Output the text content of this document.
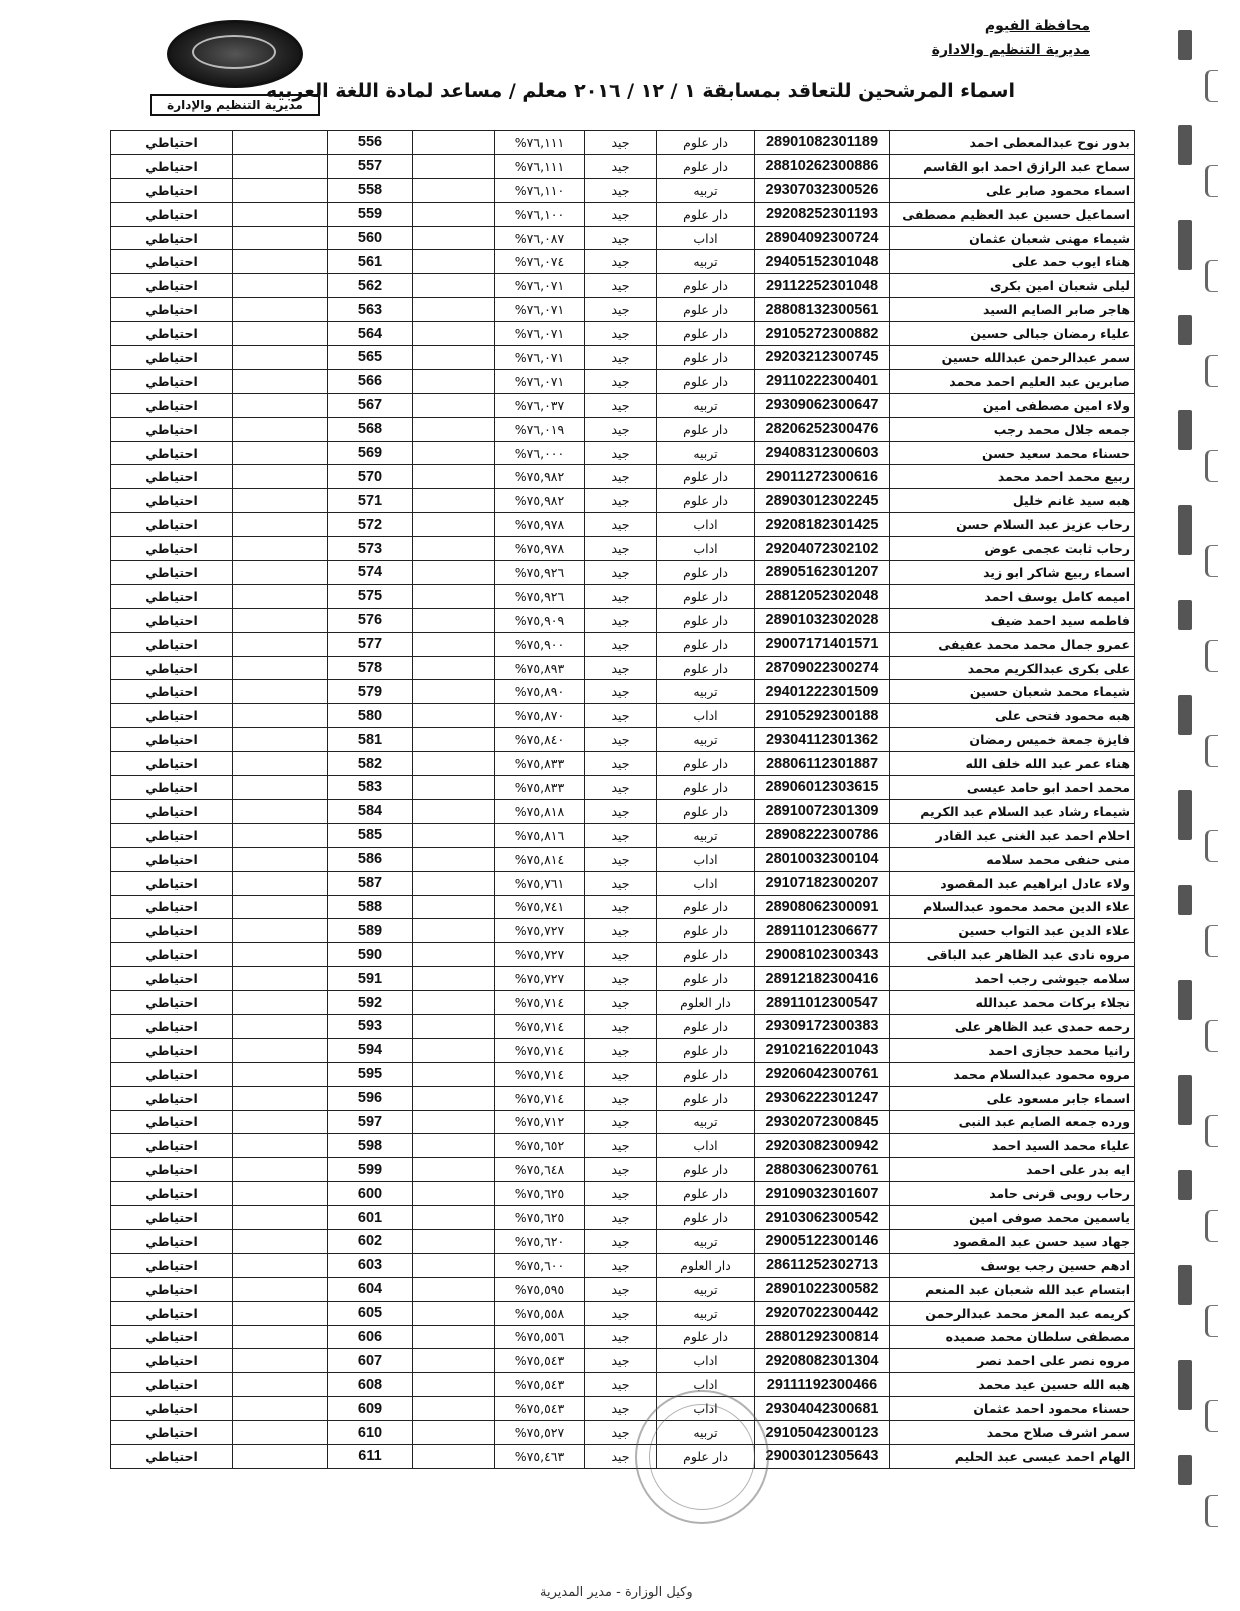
محافظة الفيوم
مديرية التنظيم والادارة
مديرية التنظيم والإدارة
اسماء المرشحين للتعاقد بمسابقة ١ / ١٢ / ٢٠١٦ معلم / مساعد لمادة اللغة العربيه
بدور نوح عبدالمعطى احمد	28901082301189	دار علوم	جيد	%٧٦,١١١		556		احتياطي
سماح عبد الرازق احمد ابو القاسم	28810262300886	دار علوم	جيد	%٧٦,١١١		557		احتياطي
اسماء محمود صابر على	29307032300526	تربيه	جيد	%٧٦,١١٠		558		احتياطي
اسماعيل حسين عبد العظيم مصطفى	29208252301193	دار علوم	جيد	%٧٦,١٠٠		559		احتياطي
شيماء مهنى شعبان عثمان	28904092300724	اداب	جيد	%٧٦,٠٨٧		560		احتياطي
هناء ايوب حمد على	29405152301048	تربيه	جيد	%٧٦,٠٧٤		561		احتياطي
ليلى شعبان امين بكرى	29112252301048	دار علوم	جيد	%٧٦,٠٧١		562		احتياطي
هاجر صابر الصايم السيد	28808132300561	دار علوم	جيد	%٧٦,٠٧١		563		احتياطي
علياء رمضان جبالى حسين	29105272300882	دار علوم	جيد	%٧٦,٠٧١		564		احتياطي
سمر عبدالرحمن عبدالله حسين	29203212300745	دار علوم	جيد	%٧٦,٠٧١		565		احتياطي
صابرين عبد العليم احمد محمد	29110222300401	دار علوم	جيد	%٧٦,٠٧١		566		احتياطي
ولاء امين مصطفى امين	29309062300647	تربيه	جيد	%٧٦,٠٣٧		567		احتياطي
جمعه جلال محمد رجب	28206252300476	دار علوم	جيد	%٧٦,٠١٩		568		احتياطي
حسناء محمد سعيد حسن	29408312300603	تربيه	جيد	%٧٦,٠٠٠		569		احتياطي
ربيع محمد احمد محمد	29011272300616	دار علوم	جيد	%٧٥,٩٨٢		570		احتياطي
هبه سيد غانم خليل	28903012302245	دار علوم	جيد	%٧٥,٩٨٢		571		احتياطي
رحاب عزيز عبد السلام حسن	29208182301425	اداب	جيد	%٧٥,٩٧٨		572		احتياطي
رحاب ثابت عجمى عوض	29204072302102	اداب	جيد	%٧٥,٩٧٨		573		احتياطي
اسماء ربيع شاكر ابو زيد	28905162301207	دار علوم	جيد	%٧٥,٩٢٦		574		احتياطي
اميمه كامل يوسف احمد	28812052302048	دار علوم	جيد	%٧٥,٩٢٦		575		احتياطي
فاطمه سيد احمد ضيف	28901032302028	دار علوم	جيد	%٧٥,٩٠٩		576		احتياطي
عمرو جمال محمد محمد عفيفى	29007171401571	دار علوم	جيد	%٧٥,٩٠٠		577		احتياطي
على بكرى عبدالكريم محمد	28709022300274	دار علوم	جيد	%٧٥,٨٩٣		578		احتياطي
شيماء محمد شعبان حسين	29401222301509	تربيه	جيد	%٧٥,٨٩٠		579		احتياطي
هبه محمود فتحى على	29105292300188	اداب	جيد	%٧٥,٨٧٠		580		احتياطي
فايزة جمعة خميس رمضان	29304112301362	تربيه	جيد	%٧٥,٨٤٠		581		احتياطي
هناء عمر عبد الله خلف الله	28806112301887	دار علوم	جيد	%٧٥,٨٣٣		582		احتياطي
محمد احمد ابو حامد عيسى	28906012303615	دار علوم	جيد	%٧٥,٨٣٣		583		احتياطي
شيماء رشاد عبد السلام عبد الكريم	28910072301309	دار علوم	جيد	%٧٥,٨١٨		584		احتياطي
احلام احمد عبد الغنى عبد القادر	28908222300786	تربيه	جيد	%٧٥,٨١٦		585		احتياطي
منى حنفى محمد سلامه	28010032300104	اداب	جيد	%٧٥,٨١٤		586		احتياطي
ولاء عادل ابراهيم عبد المقصود	29107182300207	اداب	جيد	%٧٥,٧٦١		587		احتياطي
علاء الدين محمد محمود عبدالسلام	28908062300091	دار علوم	جيد	%٧٥,٧٤١		588		احتياطي
علاء الدين عبد التواب حسين	28911012306677	دار علوم	جيد	%٧٥,٧٢٧		589		احتياطي
مروه نادى عبد الظاهر عبد الباقى	29008102300343	دار علوم	جيد	%٧٥,٧٢٧		590		احتياطي
سلامه جيوشى رجب احمد	28912182300416	دار علوم	جيد	%٧٥,٧٢٧		591		احتياطي
نجلاء بركات محمد عبدالله	28911012300547	دار العلوم	جيد	%٧٥,٧١٤		592		احتياطي
رحمه حمدى عبد الظاهر على	29309172300383	دار علوم	جيد	%٧٥,٧١٤		593		احتياطي
رانيا محمد حجازى احمد	29102162201043	دار علوم	جيد	%٧٥,٧١٤		594		احتياطي
مروه محمود عبدالسلام محمد	29206042300761	دار علوم	جيد	%٧٥,٧١٤		595		احتياطي
اسماء جابر مسعود على	29306222301247	دار علوم	جيد	%٧٥,٧١٤		596		احتياطي
ورده جمعه الصايم عبد النبى	29302072300845	تربيه	جيد	%٧٥,٧١٢		597		احتياطي
علياء محمد السيد احمد	29203082300942	اداب	جيد	%٧٥,٦٥٢		598		احتياطي
ايه بدر على احمد	28803062300761	دار علوم	جيد	%٧٥,٦٤٨		599		احتياطي
رحاب روبى قرنى حامد	29109032301607	دار علوم	جيد	%٧٥,٦٢٥		600		احتياطي
ياسمين محمد صوفى امين	29103062300542	دار علوم	جيد	%٧٥,٦٢٥		601		احتياطي
جهاد سيد حسن عبد المقصود	29005122300146	تربيه	جيد	%٧٥,٦٢٠		602		احتياطي
ادهم حسين رجب يوسف	28611252302713	دار العلوم	جيد	%٧٥,٦٠٠		603		احتياطي
ابتسام عبد الله شعبان عبد المنعم	28901022300582	تربيه	جيد	%٧٥,٥٩٥		604		احتياطي
كريمه عبد المعز محمد عبدالرحمن	29207022300442	تربيه	جيد	%٧٥,٥٥٨		605		احتياطي
مصطفى سلطان محمد صميده	28801292300814	دار علوم	جيد	%٧٥,٥٥٦		606		احتياطي
مروه نصر على احمد نصر	29208082301304	اداب	جيد	%٧٥,٥٤٣		607		احتياطي
هبه الله حسين عيد محمد	29111192300466	اداب	جيد	%٧٥,٥٤٣		608		احتياطي
حسناء محمود احمد عثمان	29304042300681	اداب	جيد	%٧٥,٥٤٣		609		احتياطي
سمر اشرف صلاح محمد	29105042300123	تربيه	جيد	%٧٥,٥٢٧		610		احتياطي
الهام احمد عيسى عبد الحليم	29003012305643	دار علوم	جيد	%٧٥,٤٦٣		611		احتياطي
وكيل الوزارة - مدير المديرية
